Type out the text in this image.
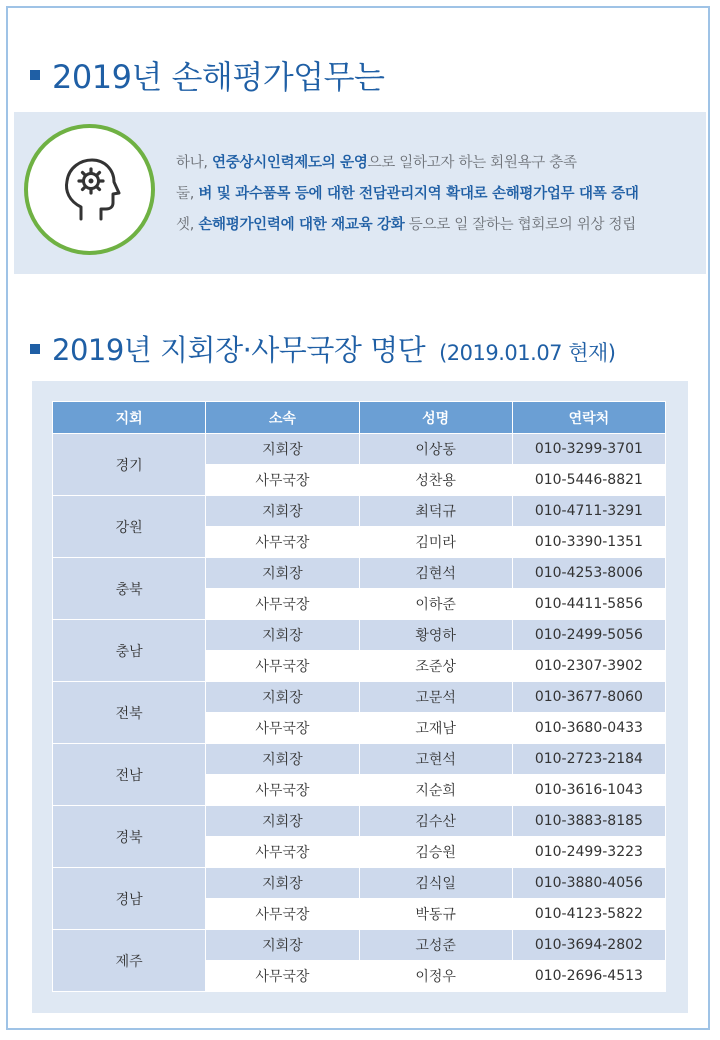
2019년 손해평가업무는
하나, 연중상시인력제도의 운영으로 일하고자 하는 회원욕구 충족
둘, 벼 및 과수품목 등에 대한 전담관리지역 확대로 손해평가업무 대폭 증대
셋, 손해평가인력에 대한 재교육 강화 등으로 일 잘하는 협회로의 위상 정립
2019년 지회장·사무국장 명단 (2019.01.07 현재)
지회	소속	성명	연락처
경기	지회장	이상동	010-3299-3701
	사무국장	성찬용	010-5446-8821
강원	지회장	최덕규	010-4711-3291
	사무국장	김미라	010-3390-1351
충북	지회장	김현석	010-4253-8006
	사무국장	이하준	010-4411-5856
충남	지회장	황영하	010-2499-5056
	사무국장	조준상	010-2307-3902
전북	지회장	고문석	010-3677-8060
	사무국장	고재남	010-3680-0433
전남	지회장	고현석	010-2723-2184
	사무국장	지순희	010-3616-1043
경북	지회장	김수산	010-3883-8185
	사무국장	김승원	010-2499-3223
경남	지회장	김식일	010-3880-4056
	사무국장	박동규	010-4123-5822
제주	지회장	고성준	010-3694-2802
	사무국장	이정우	010-2696-4513
